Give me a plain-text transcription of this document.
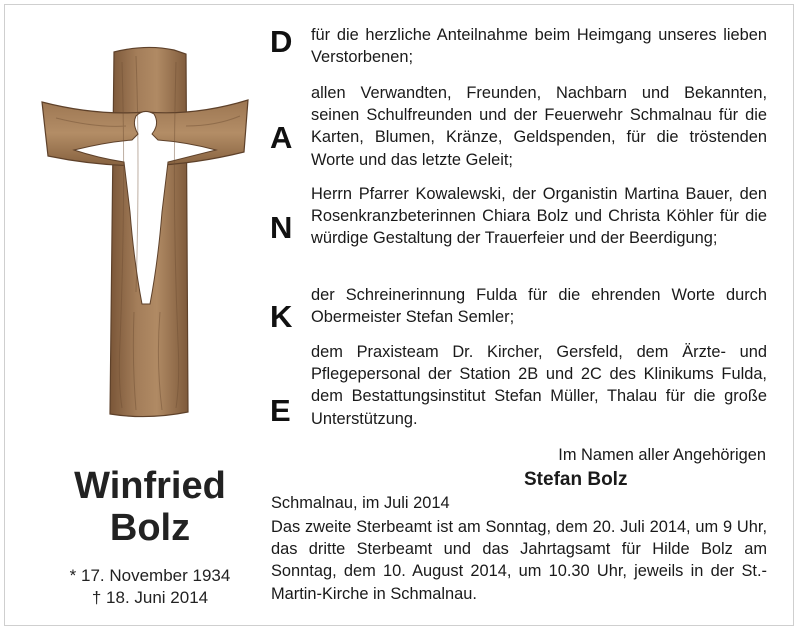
Winfried
Bolz
* 17. November 1934
† 18. Juni 2014
D
A
N
K
E
für die herzliche Anteilnahme beim Heimgang unseres lieben Verstorbenen;
allen Verwandten, Freunden, Nachbarn und Bekannten, seinen Schulfreunden und der Feuerwehr Schmalnau für die Karten, Blumen, Kränze, Geldspenden, für die tröstenden Worte und das letzte Geleit;
Herrn Pfarrer Kowalewski, der Organistin Martina Bauer, den Rosenkranzbeterinnen Chiara Bolz und Christa Köhler für die würdige Gestaltung der Trauerfeier und der Beerdigung;
der Schreinerinnung Fulda für die ehrenden Worte durch Obermeister Stefan Semler;
dem Praxisteam Dr. Kircher, Gersfeld, dem Ärzte- und Pflegepersonal der Station 2B und 2C des Klinikums Fulda, dem Bestattungsinstitut Stefan Müller, Thalau für die große Unterstützung.
Im Namen aller Angehörigen
Stefan Bolz
Schmalnau, im Juli 2014
Das zweite Sterbeamt ist am Sonntag, dem 20. Juli 2014, um 9 Uhr, das dritte Sterbeamt und das Jahrtagsamt für Hilde Bolz am Sonntag, dem 10. August 2014, um 10.30 Uhr, jeweils in der St.-Martin-Kirche in Schmalnau.
